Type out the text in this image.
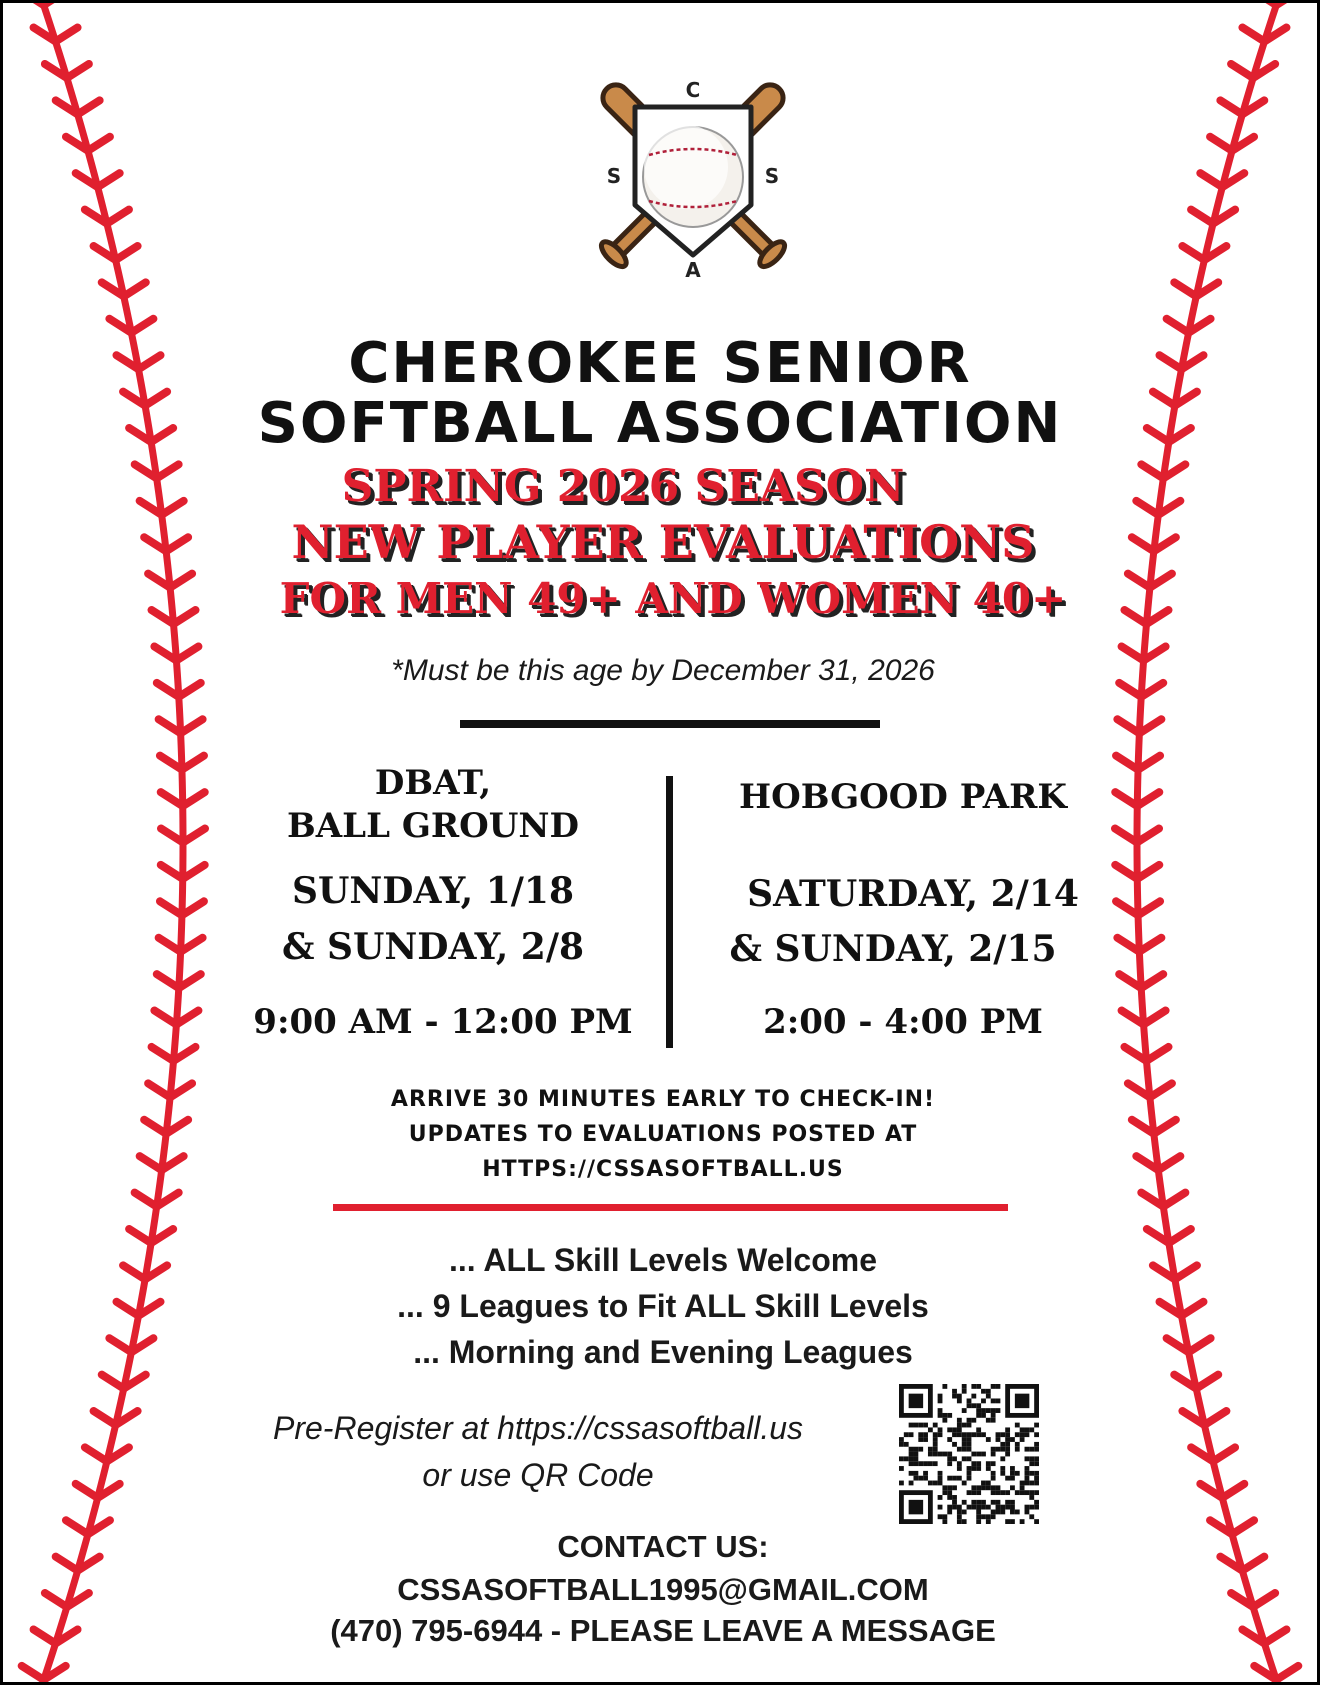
C
S	S
A
CHEROKEE SENIOR
SOFTBALL ASSOCIATION
SPRING 2026 SEASON
NEW PLAYER EVALUATIONS
FOR MEN 49+ AND WOMEN 40+
*Must be this age by December 31, 2026
DBAT,
BALL GROUND
SUNDAY, 1/18
& SUNDAY, 2/8
9:00 AM - 12:00 PM
HOBGOOD PARK
SATURDAY, 2/14
& SUNDAY, 2/15
2:00 - 4:00 PM
ARRIVE 30 MINUTES EARLY TO CHECK-IN!
UPDATES TO EVALUATIONS POSTED AT
HTTPS://CSSASOFTBALL.US
... ALL Skill Levels Welcome
... 9 Leagues to Fit ALL Skill Levels
... Morning and Evening Leagues
Pre-Register at https://cssasoftball.us
or use QR Code
CONTACT US:
CSSASOFTBALL1995@GMAIL.COM
(470) 795-6944 - PLEASE LEAVE A MESSAGE
